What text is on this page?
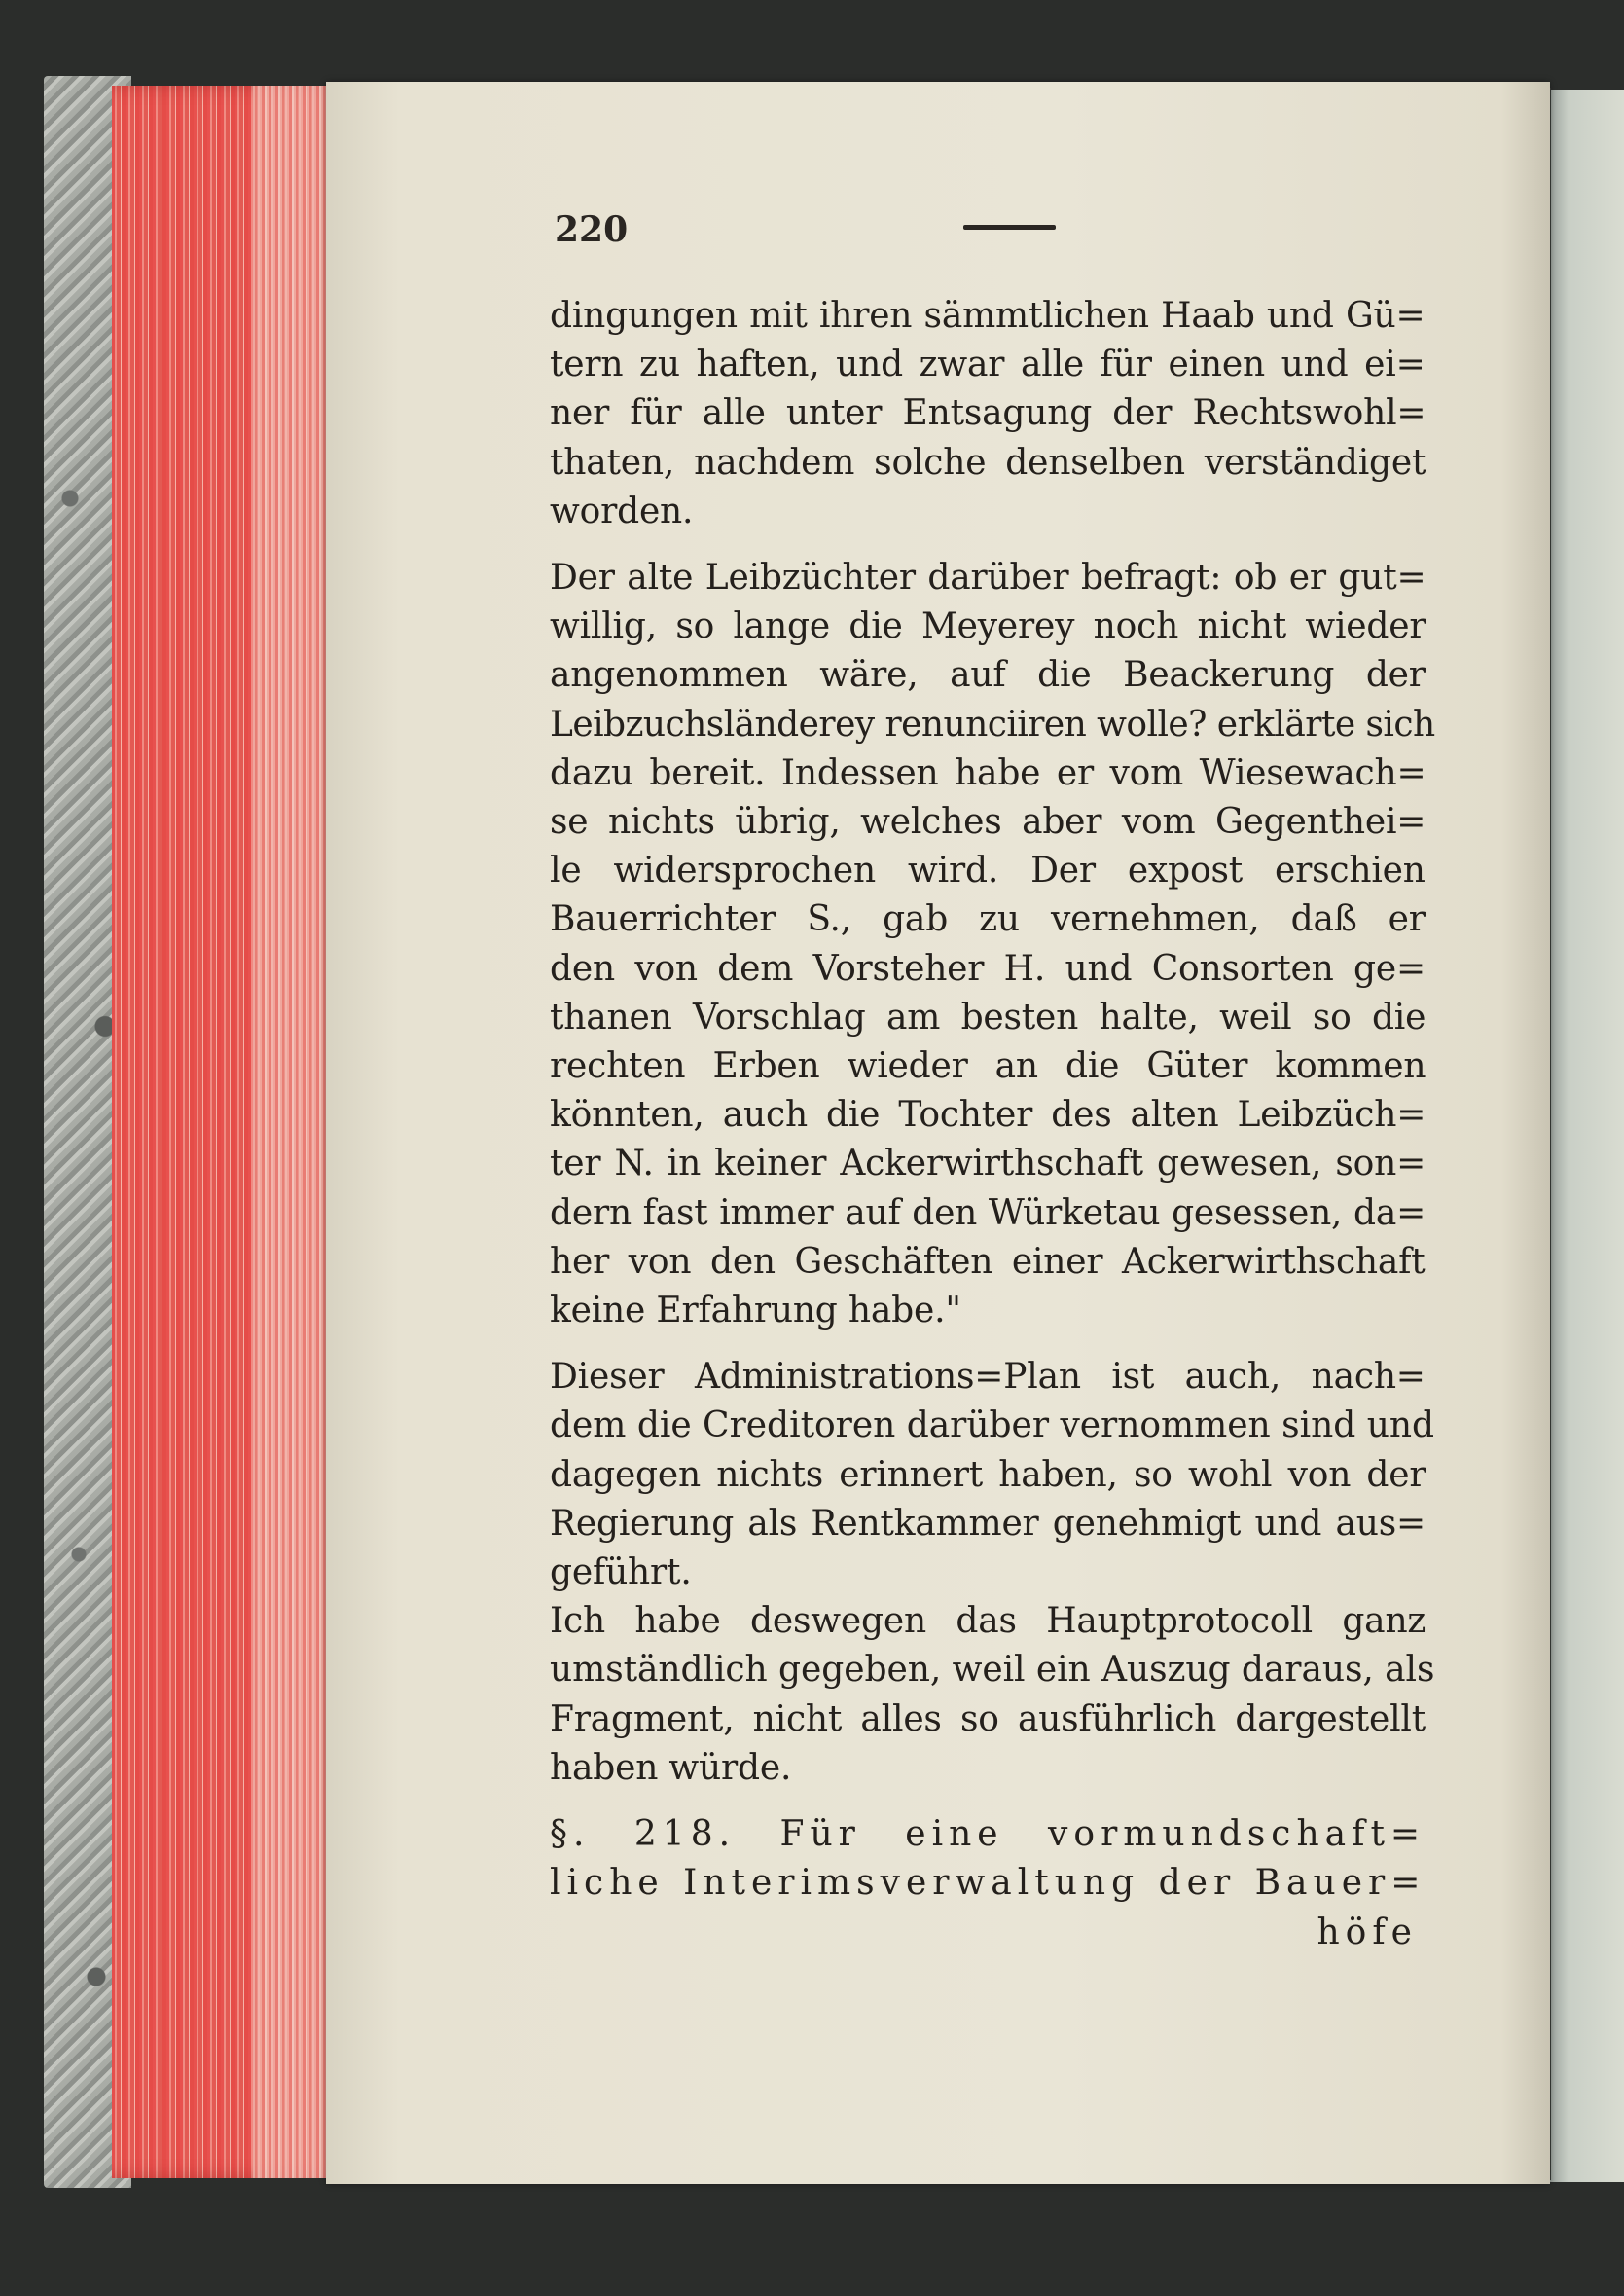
220

dingungen mit ihren sämmtlichen Haab und Gü=
tern zu haften, und zwar alle für einen und ei=
ner für alle unter Entsagung der Rechtswohl=
thaten, nachdem solche denselben verständiget
worden.

Der alte Leibzüchter darüber befragt: ob er gut=
willig, so lange die Meyerey noch nicht wieder
angenommen wäre, auf die Beackerung der
Leibzuchsländerey renunciiren wolle? erklärte sich
dazu bereit. Indessen habe er vom Wiesewach=
se nichts übrig, welches aber vom Gegenthei=
le widersprochen wird. Der expost erschien
Bauerrichter S., gab zu vernehmen, daß er
den von dem Vorsteher H. und Consorten ge=
thanen Vorschlag am besten halte, weil so die
rechten Erben wieder an die Güter kommen
könnten, auch die Tochter des alten Leibzüch=
ter N. in keiner Ackerwirthschaft gewesen, son=
dern fast immer auf den Würketau gesessen, da=
her von den Geschäften einer Ackerwirthschaft
keine Erfahrung habe."

Dieser Administrations=Plan ist auch, nach=
dem die Creditoren darüber vernommen sind und
dagegen nichts erinnert haben, so wohl von der
Regierung als Rentkammer genehmigt und aus=
geführt.

Ich habe deswegen das Hauptprotocoll ganz
umständlich gegeben, weil ein Auszug daraus, als
Fragment, nicht alles so ausführlich dargestellt
haben würde.

§. 218. Für eine vormundschaft=
liche Interimsverwaltung der Bauer=
höfe
